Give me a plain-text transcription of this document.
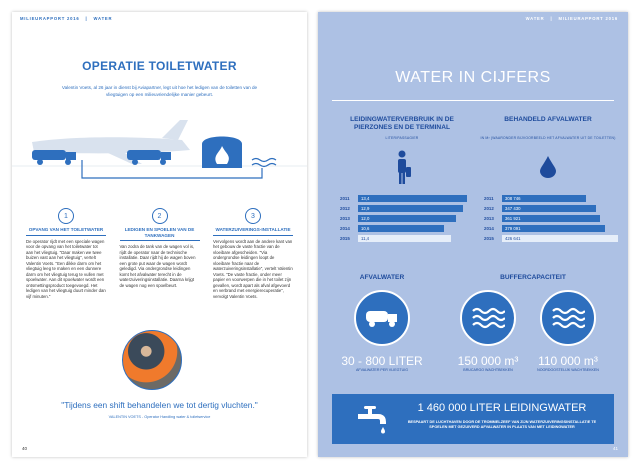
MILIEURAPPORT 2016 | WATER
OPERATIE TOILETWATER
Valentin Voets, al 26 jaar in dienst bij Aviapartner, legt uit hoe het ledigen van de toiletten van de vliegtuigen op een milieuvriendelijke manier gebeurt.
1
OPVANG VAN HET TOILETWATER
De operator rijdt met een speciale wagen voor de opvang van het toiletwater tot aan het vliegtuig. "Daar maken we twee buizen vast aan het vliegtuig", vertelt Valentin Voets. "Een dikke darm om het vliegtuig leeg te maken en een dunnere darm om het vliegtuig terug te vullen met spoelwater. Aan dit spoelwater wordt een ontsmettingsproduct toegevoegd. Het ledigen van het vliegtuig duurt minder dan vijf minuten."
2
LEDIGEN EN SPOELEN VAN DE TANKWAGEN
Van zodra de tank van de wagen vol is, rijdt de operator naar de technische installatie. Daar rijdt hij de wagen boven een grote put waar de wagen wordt geledigd. Via ondergrondse leidingen komt het afvalwater terecht in de waterzuiveringsinstallatie. Daarna krijgt de wagen nog een spoelbeurt.
3
WATERZUIVERINGS-INSTALLATIE
Vervolgens wordt aan de andere kant van het gebouw de vaste fractie van de vloeibare afgescheiden. "Via ondergrondse leidingen loopt de vloeibare fractie naar de waterzuiveringsinstallatie", vertelt Valentin Voets. "De vaste fractie, onder meer papier en voorwerpen die in het toilet zijn gevallen, wordt apart als afval afgevoerd en verbrand met energierecuperatie", vervolgt Valentin Voets.
"Tijdens een shift behandelen we tot dertig vluchten."
VALENTIN VOETS - Operator Handling water & toiletservice
40
WATER | MILIEURAPPORT 2016
WATER IN CIJFERS
LEIDINGWATERVERBRUIK IN DE PIERZONES EN DE TERMINAL
LITER/PASSAGIER
2011	13,4
2012	12,9
2013	12,0
2014	10,6
2015	11,4
BEHANDELD AFVALWATER
IN M³ (WAARONDER BIJVOORBEELD HET AFVALWATER UIT DE TOILETTEN)
2011	308 746
2012	347 430
2013	361 921
2014	379 091
2015	426 641
AFVALWATER
30 - 800 LITER
AFVALWATER PER VLIEGTUIG
BUFFERCAPACITEIT
150 000 m³
BRUCARGO WACHTBEKKEN
110 000 m³
NOORDOOSTELIJK WACHTBEKKEN
1 460 000 LITER LEIDINGWATER
BESPAART DE LUCHTHAVEN DOOR DE TROMMELZEEF VAN ZIJN WATERZUIVERINGSINSTALLATIE TE SPOELEN MET GEZUIVERD AFVALWATER IN PLAATS VAN MET LEIDINGWATER
41
